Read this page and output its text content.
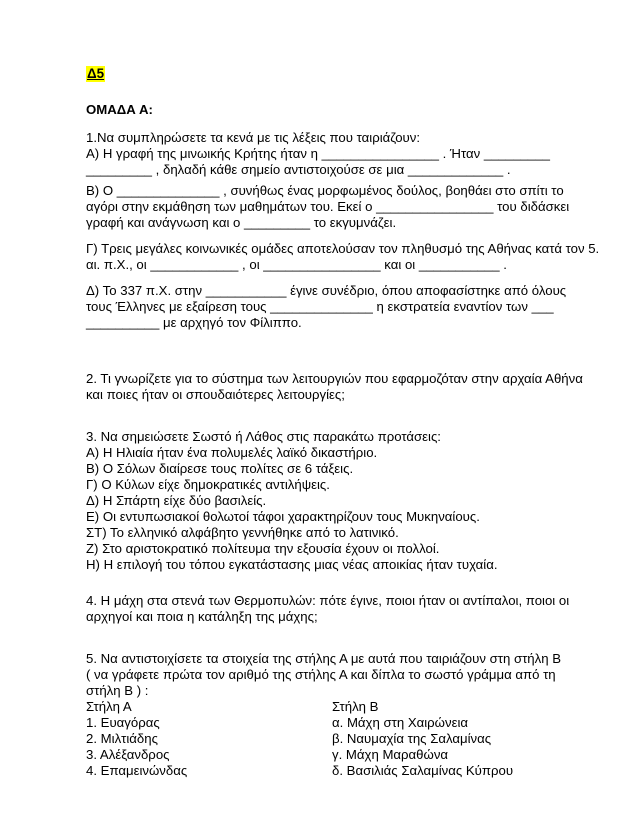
Δ5
ΟΜΑΔΑ Α:
1.Να συμπληρώσετε τα κενά με τις λέξεις που ταιριάζουν:
Α) Η γραφή της μινωικής Κρήτης ήταν η ________________ . Ήταν _________
_________ , δηλαδή κάθε σημείο αντιστοιχούσε σε μια _____________ .
Β) Ο ______________ , συνήθως ένας μορφωμένος δούλος, βοηθάει στο σπίτι το
αγόρι στην εκμάθηση των μαθημάτων του. Εκεί ο ________________ του διδάσκει
γραφή και ανάγνωση και ο _________ το εκγυμνάζει.
Γ) Τρεις μεγάλες κοινωνικές ομάδες αποτελούσαν τον πληθυσμό της Αθήνας κατά τον 5.
αι. π.Χ., οι ____________ , οι ________________ και οι ___________ .
Δ) Το 337 π.Χ. στην ___________ έγινε συνέδριο, όπου αποφασίστηκε από όλους
τους Έλληνες με εξαίρεση τους ______________ η εκστρατεία εναντίον των ___
__________ με αρχηγό τον Φίλιππο.
2. Τι γνωρίζετε για το σύστημα των λειτουργιών που εφαρμοζόταν στην αρχαία Αθήνα
και ποιες ήταν οι σπουδαιότερες λειτουργίες;
3. Να σημειώσετε Σωστό ή Λάθος στις παρακάτω προτάσεις:
Α) Η Ηλιαία ήταν ένα πολυμελές λαϊκό δικαστήριο.
Β) Ο Σόλων διαίρεσε τους πολίτες σε 6 τάξεις.
Γ) Ο Κύλων είχε δημοκρατικές αντιλήψεις.
Δ) Η Σπάρτη είχε δύο βασιλείς.
Ε) Οι εντυπωσιακοί θολωτοί τάφοι χαρακτηρίζουν τους Μυκηναίους.
ΣΤ) Το ελληνικό αλφάβητο γεννήθηκε από το λατινικό.
Ζ) Στο αριστοκρατικό πολίτευμα την εξουσία έχουν οι πολλοί.
Η) Η επιλογή του τόπου εγκατάστασης μιας νέας αποικίας ήταν τυχαία.
4. Η μάχη στα στενά των Θερμοπυλών: πότε έγινε, ποιοι ήταν οι αντίπαλοι, ποιοι οι
αρχηγοί και ποια η κατάληξη της μάχης;
5. Να αντιστοιχίσετε τα στοιχεία της στήλης Α με αυτά που ταιριάζουν στη στήλη Β
( να γράφετε πρώτα τον αριθμό της στήλης Α και δίπλα το σωστό γράμμα από τη
στήλη Β ) :
Στήλη Α	Στήλη Β
1. Ευαγόρας	α. Μάχη στη Χαιρώνεια
2. Μιλτιάδης	β. Ναυμαχία της Σαλαμίνας
3. Αλέξανδρος	γ. Μάχη Μαραθώνα
4. Επαμεινώνδας	δ. Βασιλιάς Σαλαμίνας Κύπρου
